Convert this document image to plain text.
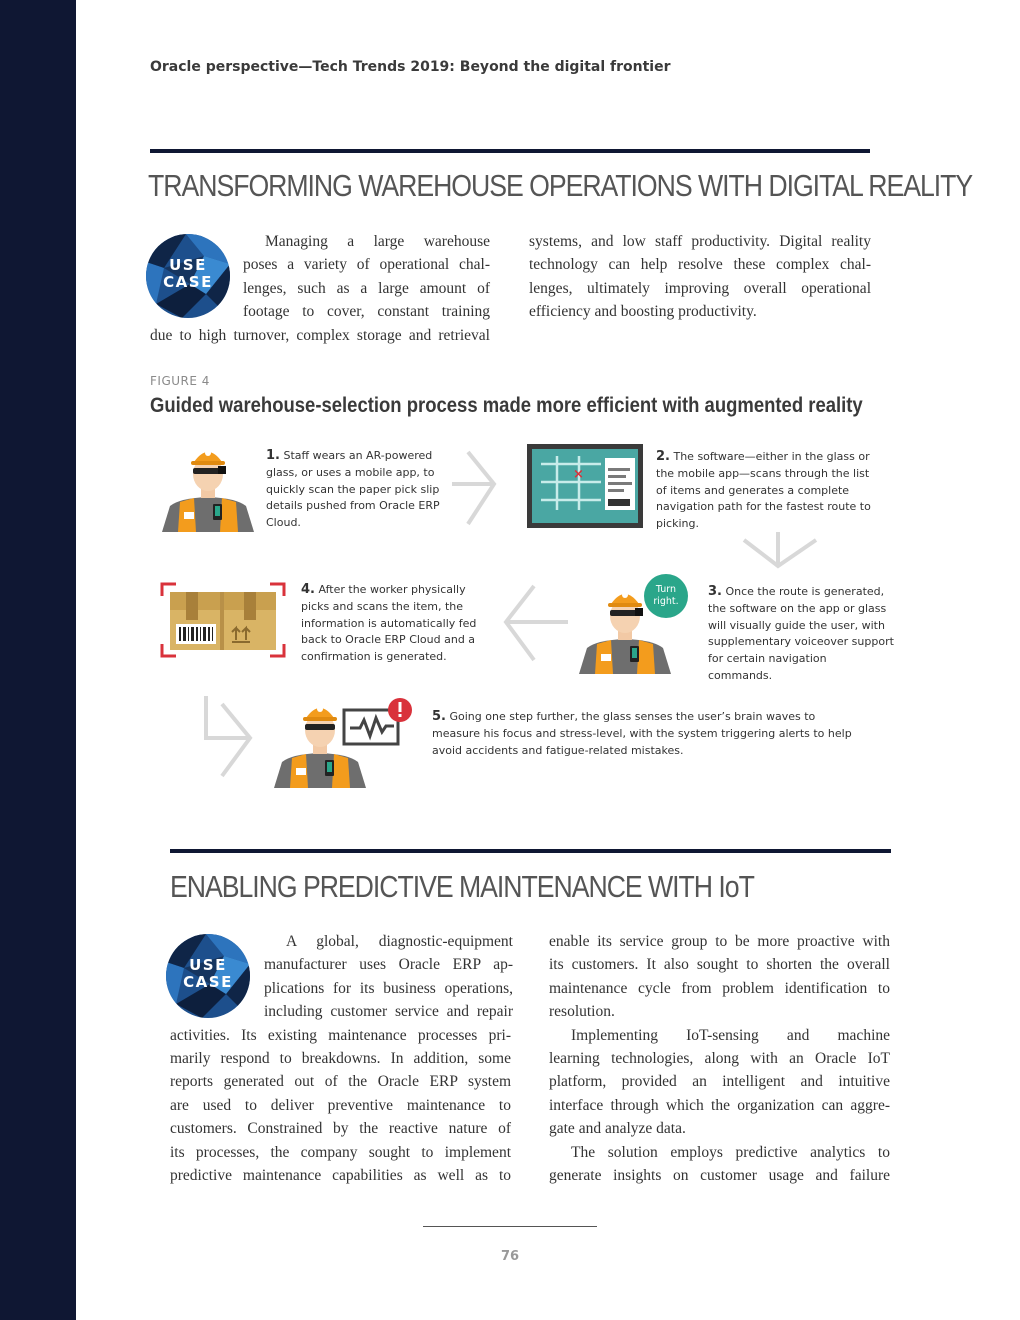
Oracle perspective—Tech Trends 2019: Beyond the digital frontier
TRANSFORMING WAREHOUSE OPERATIONS WITH DIGITAL REALITY
USE CASE

Managing a large warehouse

poses a variety of operational chal-

lenges, such as a large amount of

footage to cover, constant training

due to high turnover, complex storage and retrieval

systems, and low staff productivity. Digital reality

technology can help resolve these complex chal-

lenges, ultimately improving overall operational

efficiency and boosting productivity.

FIGURE 4
Guided warehouse-selection process made more efficient with augmented reality
1. Staff wears an AR-powered glass, or uses a mobile app, to quickly scan the paper pick slip details pushed from Oracle ERP Cloud.
×
2. The software—either in the glass or the mobile app—scans through the list of items and generates a complete navigation path for the fastest route to picking.
Turn right.
3. Once the route is generated, the software on the app or glass will visually guide the user, with supplementary voiceover support for certain navigation commands.
4. After the worker physically picks and scans the item, the information is automatically fed back to Oracle ERP Cloud and a confirmation is generated.
5. Going one step further, the glass senses the user’s brain waves to measure his focus and stress-level, with the system triggering alerts to help avoid accidents and fatigue-related mistakes.
ENABLING PREDICTIVE MAINTENANCE WITH IoT
USE CASE

A global, diagnostic-equipment

manufacturer uses Oracle ERP ap-

plications for its business operations,

including customer service and repair

activities. Its existing maintenance processes pri-

marily respond to breakdowns. In addition, some

reports generated out of the Oracle ERP system

are used to deliver preventive maintenance to

customers. Constrained by the reactive nature of

its processes, the company sought to implement

predictive maintenance capabilities as well as to

enable its service group to be more proactive with

its customers. It also sought to shorten the overall

maintenance cycle from problem identification to

resolution.

Implementing IoT-sensing and machine

learning technologies, along with an Oracle IoT

platform, provided an intelligent and intuitive

interface through which the organization can aggre-

gate and analyze data.

The solution employs predictive analytics to

generate insights on customer usage and failure

76
